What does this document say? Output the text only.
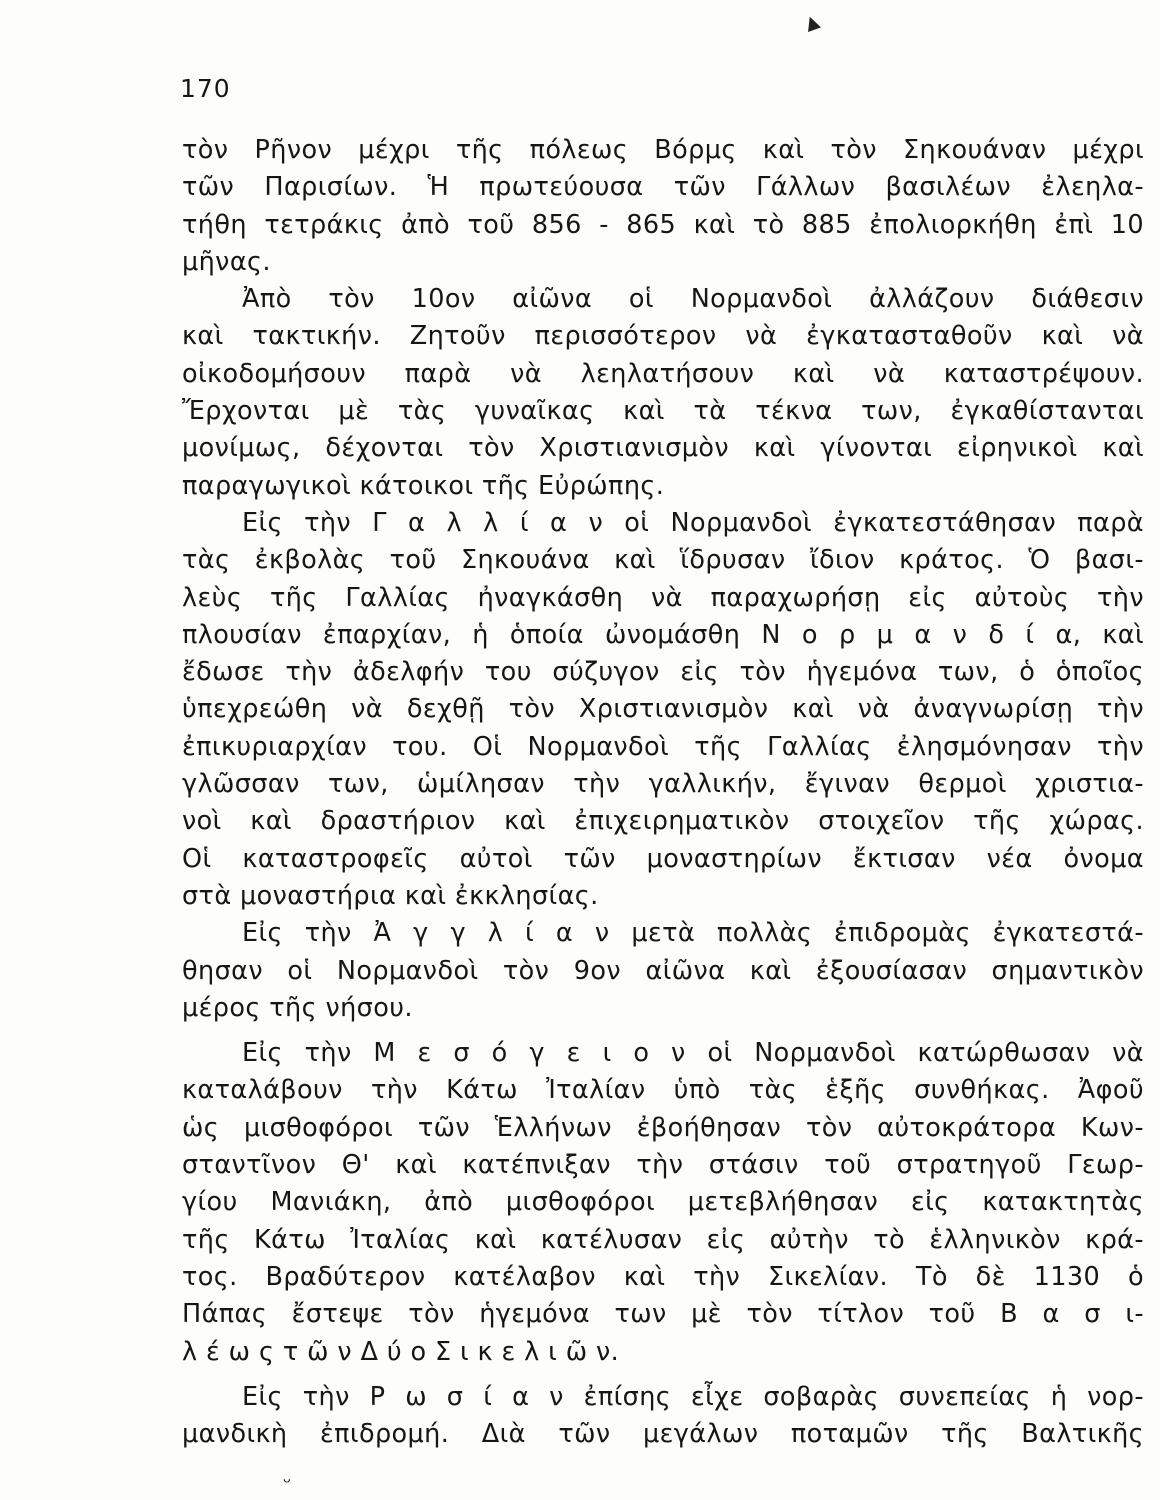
▲
170
τὸν Ρῆνον μέχρι τῆς πόλεως Βόρμς καὶ τὸν Σηκουάναν μέχρι
τῶν Παρισίων. Ἡ πρωτεύουσα τῶν Γάλλων βασιλέων ἐλεηλα-
τήθη τετράκις ἀπὸ τοῦ 856 - 865 καὶ τὸ 885 ἐπολιορκήθη ἐπὶ 10
μῆνας.
Ἀπὸ τὸν 10ον αἰῶνα οἱ Νορμανδοὶ ἀλλάζουν διάθεσιν
καὶ τακτικήν. Ζητοῦν περισσότερον νὰ ἐγκατασταθοῦν καὶ νὰ
οἰκοδομήσουν παρὰ νὰ λεηλατήσουν καὶ νὰ καταστρέψουν.
Ἔρχονται μὲ τὰς γυναῖκας καὶ τὰ τέκνα των, ἐγκαθίστανται
μονίμως, δέχονται τὸν Χριστιανισμὸν καὶ γίνονται εἰρηνικοὶ καὶ
παραγωγικοὶ κάτοικοι τῆς Εὐρώπης.
Εἰς τὴν Γ α λ λ ί α ν οἱ Νορμανδοὶ ἐγκατεστάθησαν παρὰ
τὰς ἐκβολὰς τοῦ Σηκουάνα καὶ ἵδρυσαν ἴδιον κράτος. Ὁ βασι-
λεὺς τῆς Γαλλίας ἠναγκάσθη νὰ παραχωρήσῃ εἰς αὐτοὺς τὴν
πλουσίαν ἐπαρχίαν, ἡ ὁποία ὠνομάσθη Ν ο ρ μ α ν δ ί α, καὶ
ἔδωσε τὴν ἀδελφήν του σύζυγον εἰς τὸν ἡγεμόνα των, ὁ ὁποῖος
ὑπεχρεώθη νὰ δεχθῇ τὸν Χριστιανισμὸν καὶ νὰ ἀναγνωρίσῃ τὴν
ἐπικυριαρχίαν του. Οἱ Νορμανδοὶ τῆς Γαλλίας ἐλησμόνησαν τὴν
γλῶσσαν των, ὡμίλησαν τὴν γαλλικήν, ἔγιναν θερμοὶ χριστια-
νοὶ καὶ δραστήριον καὶ ἐπιχειρηματικὸν στοιχεῖον τῆς χώρας.
Οἱ καταστροφεῖς αὐτοὶ τῶν μοναστηρίων ἔκτισαν νέα ὀνομα
στὰ μοναστήρια καὶ ἐκκλησίας.
Εἰς τὴν Ἀ γ γ λ ί α ν μετὰ πολλὰς ἐπιδρομὰς ἐγκατεστά-
θησαν οἱ Νορμανδοὶ τὸν 9ον αἰῶνα καὶ ἐξουσίασαν σημαντικὸν
μέρος τῆς νήσου.
Εἰς τὴν Μ ε σ ό γ ε ι ο ν οἱ Νορμανδοὶ κατώρθωσαν νὰ
καταλάβουν τὴν Κάτω Ἰταλίαν ὑπὸ τὰς ἑξῆς συνθήκας. Ἀφοῦ
ὡς μισθοφόροι τῶν Ἑλλήνων ἐβοήθησαν τὸν αὐτοκράτορα Κων-
σταντῖνον Θ' καὶ κατέπνιξαν τὴν στάσιν τοῦ στρατηγοῦ Γεωρ-
γίου Μανιάκη, ἀπὸ μισθοφόροι μετεβλήθησαν εἰς κατακτητὰς
τῆς Κάτω Ἰταλίας καὶ κατέλυσαν εἰς αὐτὴν τὸ ἑλληνικὸν κρά-
τος. Βραδύτερον κατέλαβον καὶ τὴν Σικελίαν. Τὸ δὲ 1130 ὁ
Πάπας ἔστεψε τὸν ἡγεμόνα των μὲ τὸν τίτλον τοῦ Β α σ ι-
λ έ ω ς τ ῶ ν Δ ύ ο Σ ι κ ε λ ι ῶ ν.
Εἰς τὴν Ρ ω σ ί α ν ἐπίσης εἶχε σοβαρὰς συνεπείας ἡ νορ-
μανδικὴ ἐπιδρομή. Διὰ τῶν μεγάλων ποταμῶν τῆς Βαλτικῆς
ᵕ
